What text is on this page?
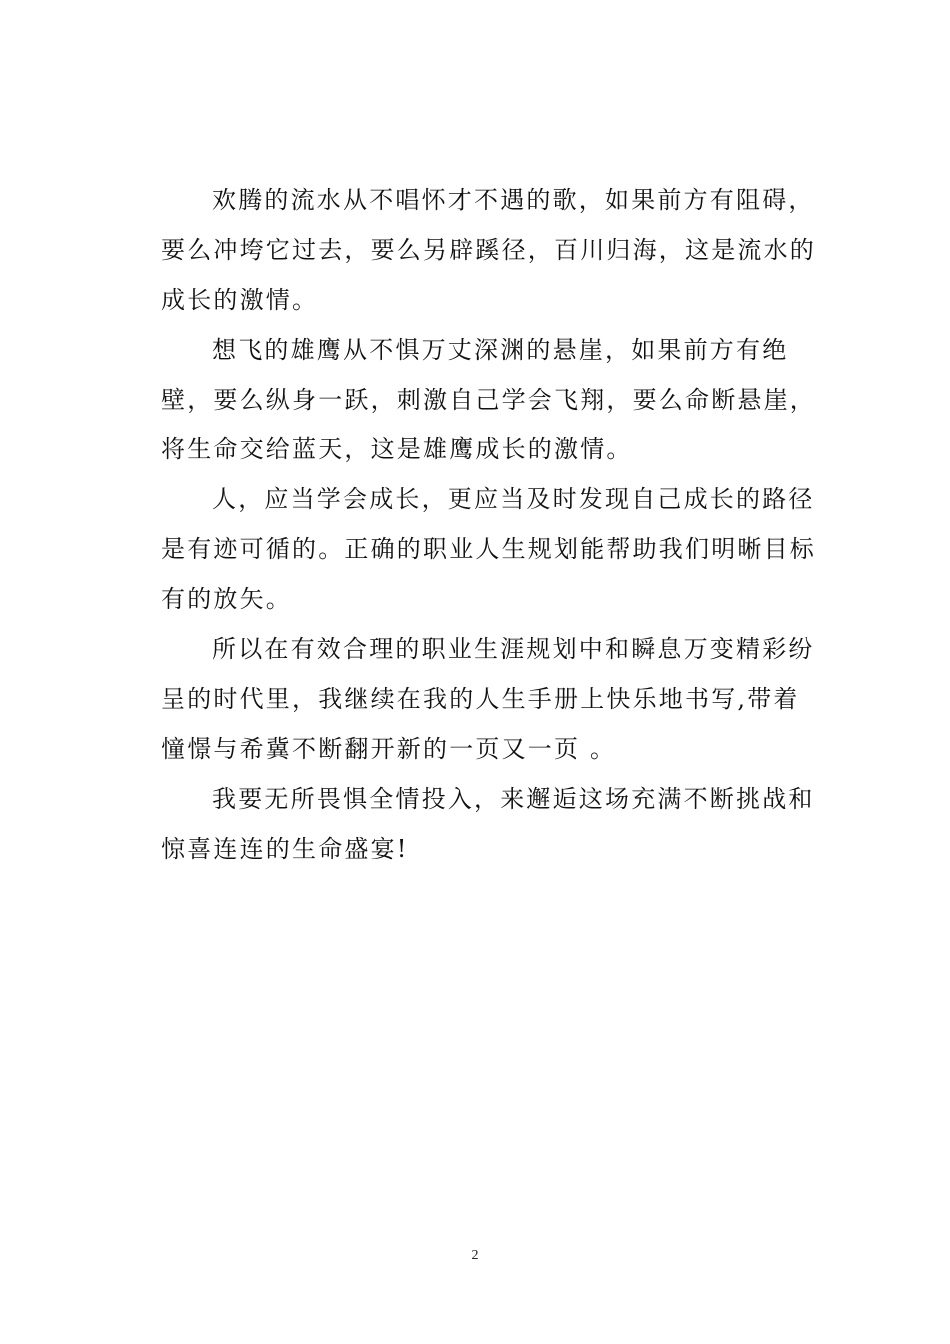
欢腾的流水从不唱怀才不遇的歌，如果前方有阻碍，
要么冲垮它过去，要么另辟蹊径，百川归海，这是流水的
成长的激情。
想飞的雄鹰从不惧万丈深渊的悬崖，如果前方有绝
壁，要么纵身一跃，刺激自己学会飞翔，要么命断悬崖，
将生命交给蓝天，这是雄鹰成长的激情。
人，应当学会成长，更应当及时发现自己成长的路径
是有迹可循的。正确的职业人生规划能帮助我们明晰目标
有的放矢。
所以在有效合理的职业生涯规划中和瞬息万变精彩纷
呈的时代里，我继续在我的人生手册上快乐地书写,带着
憧憬与希冀不断翻开新的一页又一页 。
我要无所畏惧全情投入，来邂逅这场充满不断挑战和
惊喜连连的生命盛宴!
2
